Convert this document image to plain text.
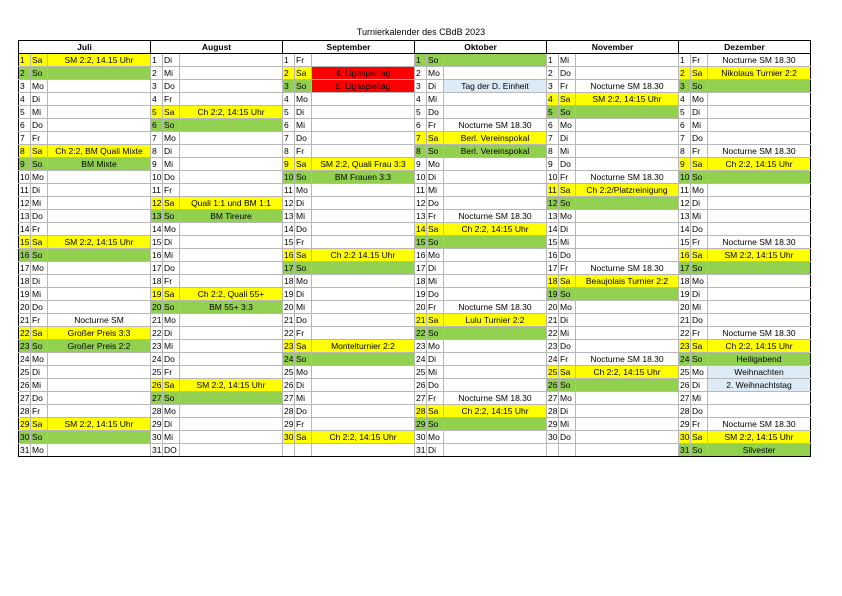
Turnierkalender des CBdB 2023
Juli			August			September			Oktober			November			Dezember		
1	Sa	SM 2:2, 14.15 Uhr	1	Di		1	Fr		1	So		1	Mi		1	Fr	Nocturne SM 18.30
2	So		2	Mi		2	Sa	4. Ligaspieltag	2	Mo		2	Do		2	Sa	Nikolaus Turnier 2:2
3	Mo		3	Do		3	So	5. Ligaspieltag	3	Di	Tag der D. Einheit	3	Fr	Nocturne SM 18.30	3	So	
4	Di		4	Fr		4	Mo		4	Mi		4	Sa	SM 2:2, 14:15 Uhr	4	Mo	
5	Mi		5	Sa	Ch 2:2, 14:15 Uhr	5	Di		5	Do		5	So		5	Di	
6	Do		6	So		6	Mi		6	Fr	Nocturne SM 18.30	6	Mo		6	Mi	
7	Fr		7	Mo		7	Do		7	Sa	Berl. Vereinspokal	7	Di		7	Do	
8	Sa	Ch 2:2, BM Quali Mixte	8	Di		8	Fr		8	So	Berl. Vereinspokal	8	Mi		8	Fr	Nocturne SM 18.30
9	So	BM Mixte	9	Mi		9	Sa	SM 2:2, Quali Frau 3:3	9	Mo		9	Do		9	Sa	Ch 2:2, 14:15 Uhr
10	Mo		10	Do		10	So	BM Frauen 3:3	10	Di		10	Fr	Nocturne SM 18.30	10	So	
11	Di		11	Fr		11	Mo		11	Mi		11	Sa	Ch 2:2/Platzreinigung	11	Mo	
12	Mi		12	Sa	Quali 1:1 und BM 1:1	12	Di		12	Do		12	So		12	Di	
13	Do		13	So	BM Tireure	13	Mi		13	Fr	Nocturne SM 18.30	13	Mo		13	Mi	
14	Fr		14	Mo		14	Do		14	Sa	Ch 2:2, 14:15 Uhr	14	Di		14	Do	
15	Sa	SM 2:2, 14:15 Uhr	15	Di		15	Fr		15	So		15	Mi		15	Fr	Nocturne SM 18.30
16	So		16	Mi		16	Sa	Ch 2:2 14.15 Uhr	16	Mo		16	Do		16	Sa	SM 2:2, 14:15 Uhr
17	Mo		17	Do		17	So		17	Di		17	Fr	Nocturne SM 18.30	17	So	
18	Di		18	Fr		18	Mo		18	Mi		18	Sa	Beaujolais Turnier 2:2	18	Mo	
19	Mi		19	Sa	Ch 2:2, Quali 55+	19	Di		19	Do		19	So		19	Di	
20	Do		20	So	BM 55+ 3:3	20	Mi		20	Fr	Nocturne SM 18.30	20	Mo		20	Mi	
21	Fr	Nocturne SM	21	Mo		21	Do		21	Sa	Lulu Turnier 2:2	21	Di		21	Do	
22	Sa	Großer Preis 3:3	22	Di		22	Fr		22	So		22	Mi		22	Fr	Nocturne SM 18.30
23	So	Großer Preis 2:2	23	Mi		23	Sa	Montelturnier 2:2	23	Mo		23	Do		23	Sa	Ch 2:2, 14:15 Uhr
24	Mo		24	Do		24	So		24	Di		24	Fr	Nocturne SM 18.30	24	So	Heiligabend
25	Di		25	Fr		25	Mo		25	Mi		25	Sa	Ch 2:2, 14:15 Uhr	25	Mo	Weihnachten
26	Mi		26	Sa	SM 2:2, 14:15 Uhr	26	Di		26	Do		26	So		26	Di	2. Weihnachtstag
27	Do		27	So		27	Mi		27	Fr	Nocturne SM 18.30	27	Mo		27	Mi	
28	Fr		28	Mo		28	Do		28	Sa	Ch 2:2, 14:15 Uhr	28	Di		28	Do	
29	Sa	SM 2:2, 14:15 Uhr	29	Di		29	Fr		29	So		29	Mi		29	Fr	Nocturne SM 18.30
30	So		30	Mi		30	Sa	Ch 2:2, 14:15 Uhr	30	Mo		30	Do		30	Sa	SM 2:2, 14:15 Uhr
31	Mo		31	DO					31	Di					31	So	Silvester
